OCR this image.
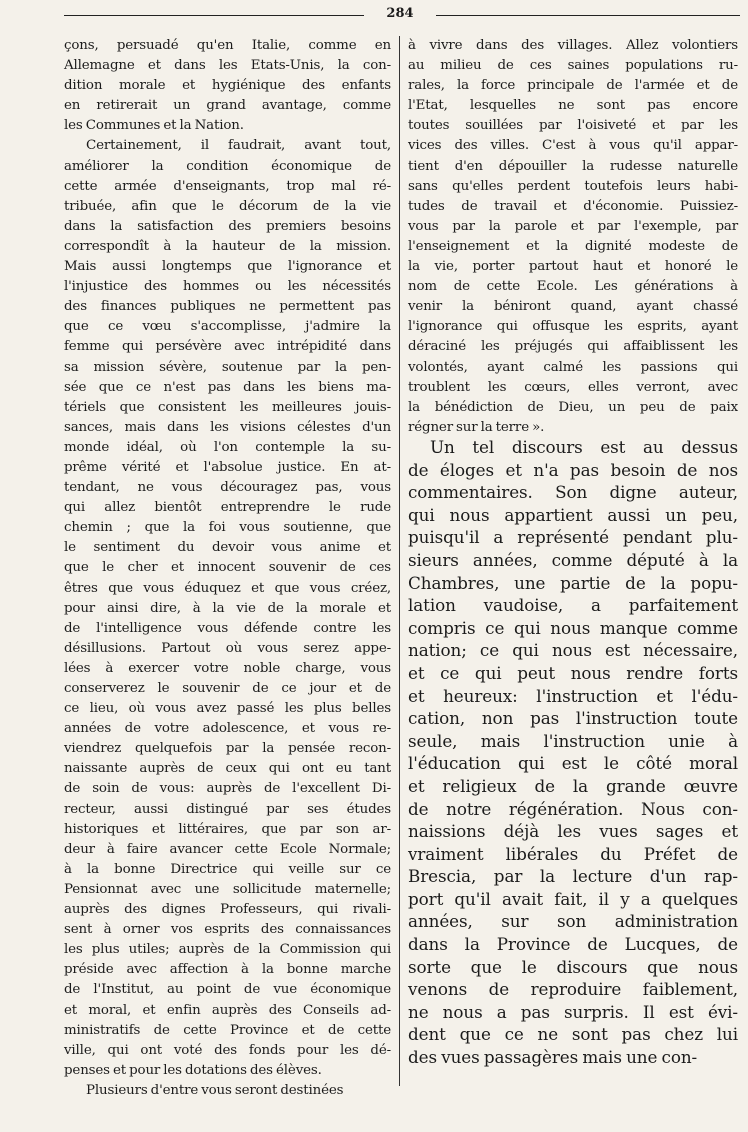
284
çons, persuadé qu'en Italie, comme en
Allemagne et dans les Etats-Unis, la con-
dition morale et hygiénique des enfants
en retirerait un grand avantage, comme
les Communes et la Nation.
Certainement, il faudrait, avant tout,
améliorer la condition économique de
cette armée d'enseignants, trop mal ré-
tribuée, afin que le décorum de la vie
dans la satisfaction des premiers besoins
correspondît à la hauteur de la mission.
Mais aussi longtemps que l'ignorance et
l'injustice des hommes ou les nécessités
des finances publiques ne permettent pas
que ce vœu s'accomplisse, j'admire la
femme qui persévère avec intrépidité dans
sa mission sévère, soutenue par la pen-
sée que ce n'est pas dans les biens ma-
tériels que consistent les meilleures jouis-
sances, mais dans les visions célestes d'un
monde idéal, où l'on contemple la su-
prême vérité et l'absolue justice. En at-
tendant, ne vous découragez pas, vous
qui allez bientôt entreprendre le rude
chemin ; que la foi vous soutienne, que
le sentiment du devoir vous anime et
que le cher et innocent souvenir de ces
êtres que vous éduquez et que vous créez,
pour ainsi dire, à la vie de la morale et
de l'intelligence vous défende contre les
désillusions. Partout où vous serez appe-
lées à exercer votre noble charge, vous
conserverez le souvenir de ce jour et de
ce lieu, où vous avez passé les plus belles
années de votre adolescence, et vous re-
viendrez quelquefois par la pensée recon-
naissante auprès de ceux qui ont eu tant
de soin de vous: auprès de l'excellent Di-
recteur, aussi distingué par ses études
historiques et littéraires, que par son ar-
deur à faire avancer cette Ecole Normale;
à la bonne Directrice qui veille sur ce
Pensionnat avec une sollicitude maternelle;
auprès des dignes Professeurs, qui rivali-
sent à orner vos esprits des connaissances
les plus utiles; auprès de la Commission qui
préside avec affection à la bonne marche
de l'Institut, au point de vue économique
et moral, et enfin auprès des Conseils ad-
ministratifs de cette Province et de cette
ville, qui ont voté des fonds pour les dé-
penses et pour les dotations des élèves.
Plusieurs d'entre vous seront destinées
à vivre dans des villages. Allez volontiers
au milieu de ces saines populations ru-
rales, la force principale de l'armée et de
l'Etat, lesquelles ne sont pas encore
toutes souillées par l'oisiveté et par les
vices des villes. C'est à vous qu'il appar-
tient d'en dépouiller la rudesse naturelle
sans qu'elles perdent toutefois leurs habi-
tudes de travail et d'économie. Puissiez-
vous par la parole et par l'exemple, par
l'enseignement et la dignité modeste de
la vie, porter partout haut et honoré le
nom de cette Ecole. Les générations à
venir la béniront quand, ayant chassé
l'ignorance qui offusque les esprits, ayant
déraciné les préjugés qui affaiblissent les
volontés, ayant calmé les passions qui
troublent les cœurs, elles verront, avec
la bénédiction de Dieu, un peu de paix
régner sur la terre ».
Un tel discours est au dessus
de éloges et n'a pas besoin de nos
commentaires. Son digne auteur,
qui nous appartient aussi un peu,
puisqu'il a représenté pendant plu-
sieurs années, comme député à la
Chambres, une partie de la popu-
lation vaudoise, a parfaitement
compris ce qui nous manque comme
nation; ce qui nous est nécessaire,
et ce qui peut nous rendre forts
et heureux: l'instruction et l'édu-
cation, non pas l'instruction toute
seule, mais l'instruction unie à
l'éducation qui est le côté moral
et religieux de la grande œuvre
de notre régénération. Nous con-
naissions déjà les vues sages et
vraiment libérales du Préfet de
Brescia, par la lecture d'un rap-
port qu'il avait fait, il y a quelques
années, sur son administration
dans la Province de Lucques, de
sorte que le discours que nous
venons de reproduire faiblement,
ne nous a pas surpris. Il est évi-
dent que ce ne sont pas chez lui
des vues passagères mais une con-
